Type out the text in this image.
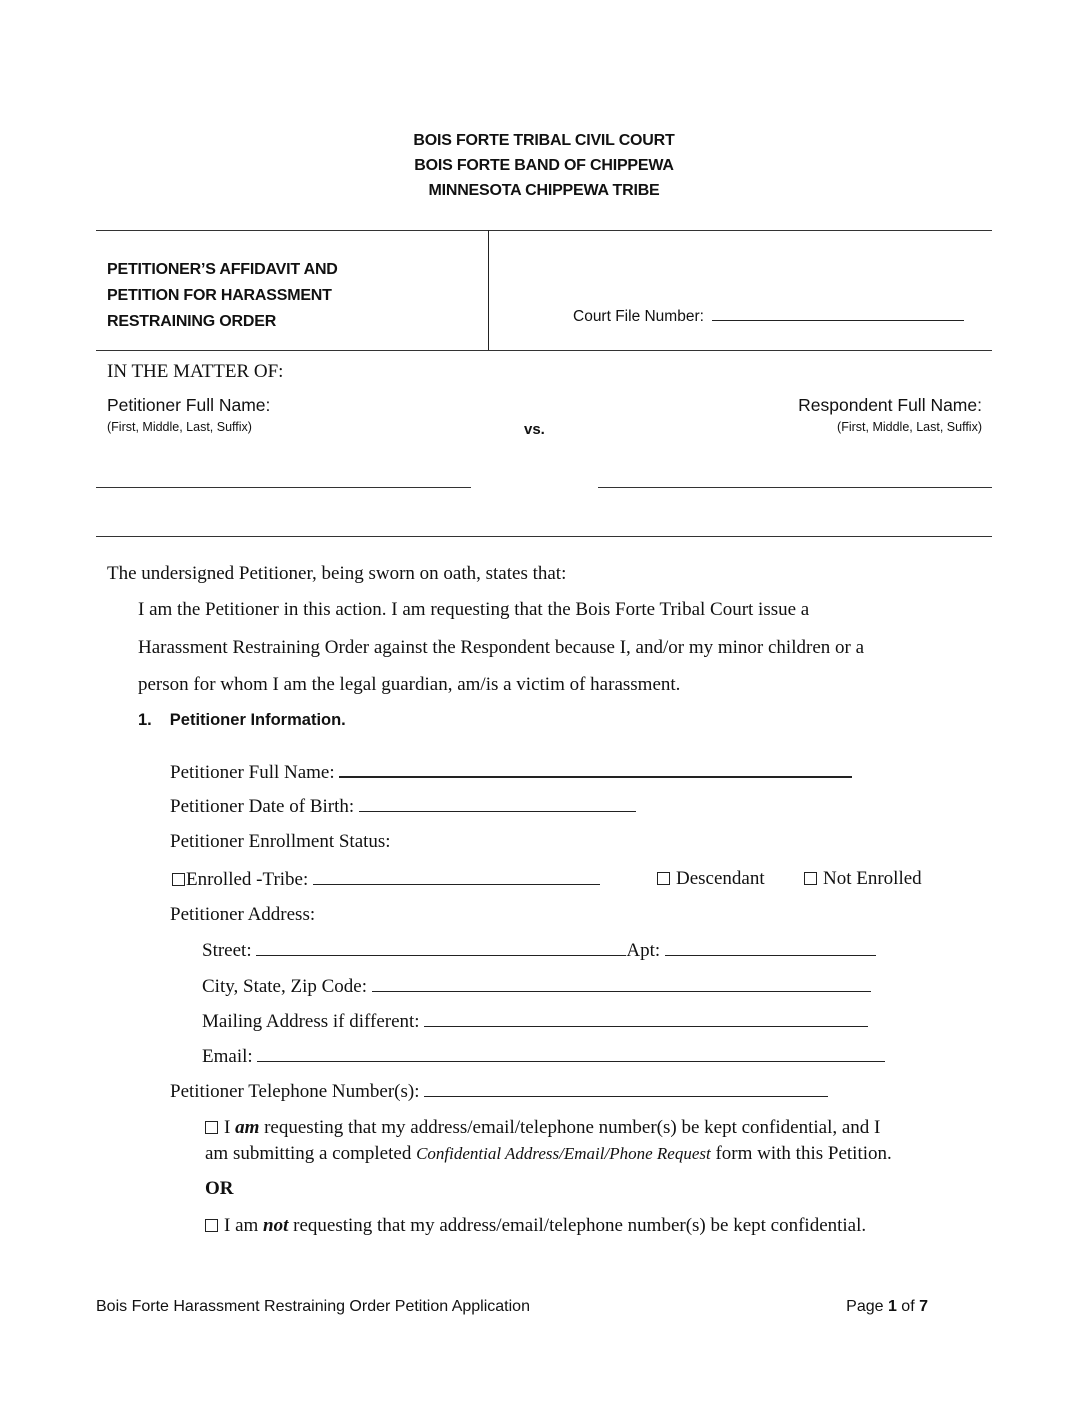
BOIS FORTE TRIBAL CIVIL COURT
BOIS FORTE BAND OF CHIPPEWA
MINNESOTA CHIPPEWA TRIBE
PETITIONER’S AFFIDAVIT AND
PETITION FOR HARASSMENT
RESTRAINING ORDER	Court File Number:
IN THE MATTER OF:
Petitioner Full Name:
(First, Middle, Last, Suffix)	vs.
Respondent Full Name:
(First, Middle, Last, Suffix)
The undersigned Petitioner, being sworn on oath, states that:
I am the Petitioner in this action. I am requesting that the Bois Forte Tribal Court issue a
Harassment Restraining Order against the Respondent because I, and/or my minor children or a
person for whom I am the legal guardian, am/is a victim of harassment.
1. Petitioner Information.
Petitioner Full Name:
Petitioner Date of Birth:
Petitioner Enrollment Status:
Enrolled -Tribe:	Descendant	Not Enrolled
Petitioner Address:
Street:	Apt:
City, State, Zip Code:
Mailing Address if different:
Email:
Petitioner Telephone Number(s):
I am requesting that my address/email/telephone number(s) be kept confidential, and I
am submitting a completed Confidential Address/Email/Phone Request form with this Petition.
OR
I am not requesting that my address/email/telephone number(s) be kept confidential.
Bois Forte Harassment Restraining Order Petition Application	Page 1 of 7
